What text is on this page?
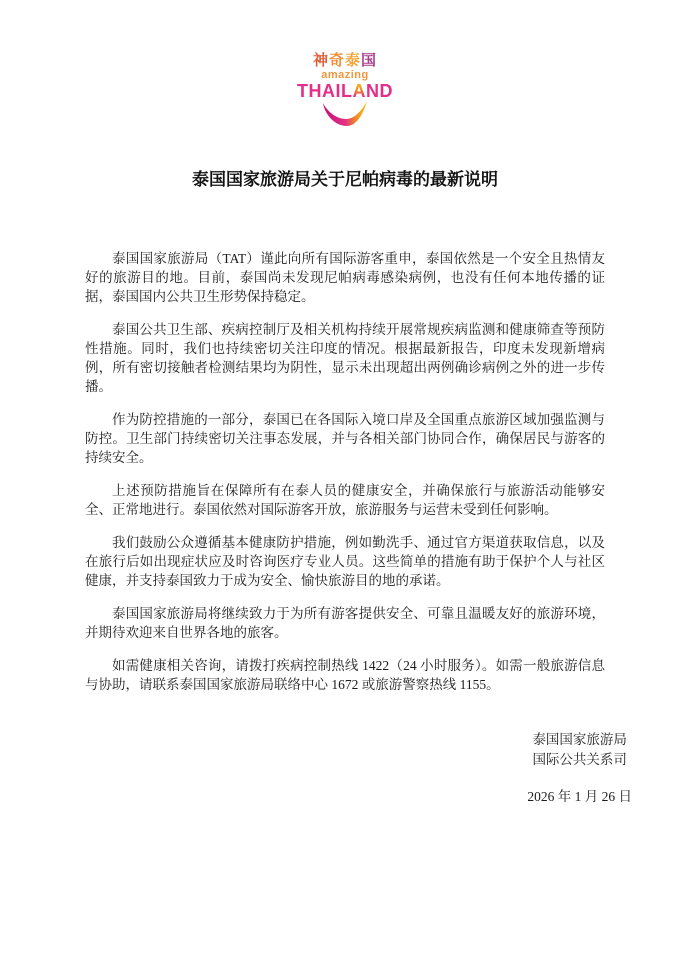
神奇泰国
amazing
THAILAND
泰国国家旅游局关于尼帕病毒的最新说明

泰国国家旅游局（TAT）谨此向所有国际游客重申，泰国依然是一个安全且热情友好的旅游目的地。目前，泰国尚未发现尼帕病毒感染病例，也没有任何本地传播的证据，泰国国内公共卫生形势保持稳定。

泰国公共卫生部、疾病控制厅及相关机构持续开展常规疾病监测和健康筛查等预防性措施。同时，我们也持续密切关注印度的情况。根据最新报告，印度未发现新增病例，所有密切接触者检测结果均为阴性，显示未出现超出两例确诊病例之外的进一步传播。

作为防控措施的一部分，泰国已在各国际入境口岸及全国重点旅游区域加强监测与防控。卫生部门持续密切关注事态发展，并与各相关部门协同合作，确保居民与游客的持续安全。

上述预防措施旨在保障所有在泰人员的健康安全，并确保旅行与旅游活动能够安全、正常地进行。泰国依然对国际游客开放，旅游服务与运营未受到任何影响。

我们鼓励公众遵循基本健康防护措施，例如勤洗手、通过官方渠道获取信息，以及在旅行后如出现症状应及时咨询医疗专业人员。这些简单的措施有助于保护个人与社区健康，并支持泰国致力于成为安全、愉快旅游目的地的承诺。

泰国国家旅游局将继续致力于为所有游客提供安全、可靠且温暖友好的旅游环境，并期待欢迎来自世界各地的旅客。

如需健康相关咨询，请拨打疾病控制热线 1422（24 小时服务）。如需一般旅游信息与协助，请联系泰国国家旅游局联络中心 1672 或旅游警察热线 1155。

泰国国家旅游局
国际公共关系司
2026 年 1 月 26 日
